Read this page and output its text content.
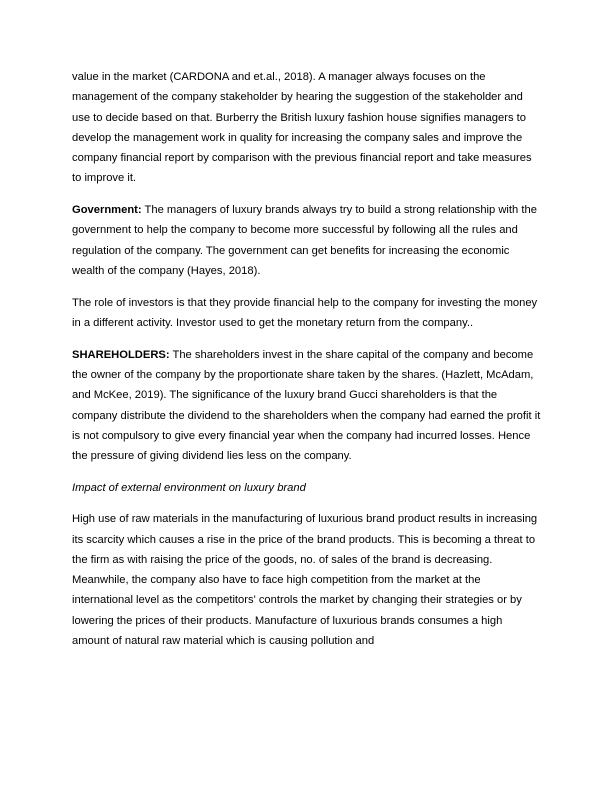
value in the market (CARDONA and et.al., 2018). A manager always focuses on the management of the company stakeholder by hearing the suggestion of the stakeholder and use to decide based on that. Burberry the British luxury fashion house signifies managers to develop the management work in quality for increasing the company sales and improve the company financial report by comparison with the previous financial report and take measures to improve it.

Government: The managers of luxury brands always try to build a strong relationship with the government to help the company to become more successful by following all the rules and regulation of the company. The government can get benefits for increasing the economic wealth of the company (Hayes, 2018).

The role of investors is that they provide financial help to the company for investing the money in a different activity. Investor used to get the monetary return from the company..

SHAREHOLDERS: The shareholders invest in the share capital of the company and become the owner of the company by the proportionate share taken by the shares. (Hazlett, McAdam, and McKee, 2019). The significance of the luxury brand Gucci shareholders is that the company distribute the dividend to the shareholders when the company had earned the profit it is not compulsory to give every financial year when the company had incurred losses. Hence the pressure of giving dividend lies less on the company.

Impact of external environment on luxury brand

High use of raw materials in the manufacturing of luxurious brand product results in increasing its scarcity which causes a rise in the price of the brand products. This is becoming a threat to the firm as with raising the price of the goods, no. of sales of the brand is decreasing. Meanwhile, the company also have to face high competition from the market at the international level as the competitors' controls the market by changing their strategies or by lowering the prices of their products. Manufacture of luxurious brands consumes a high amount of natural raw material which is causing pollution and
